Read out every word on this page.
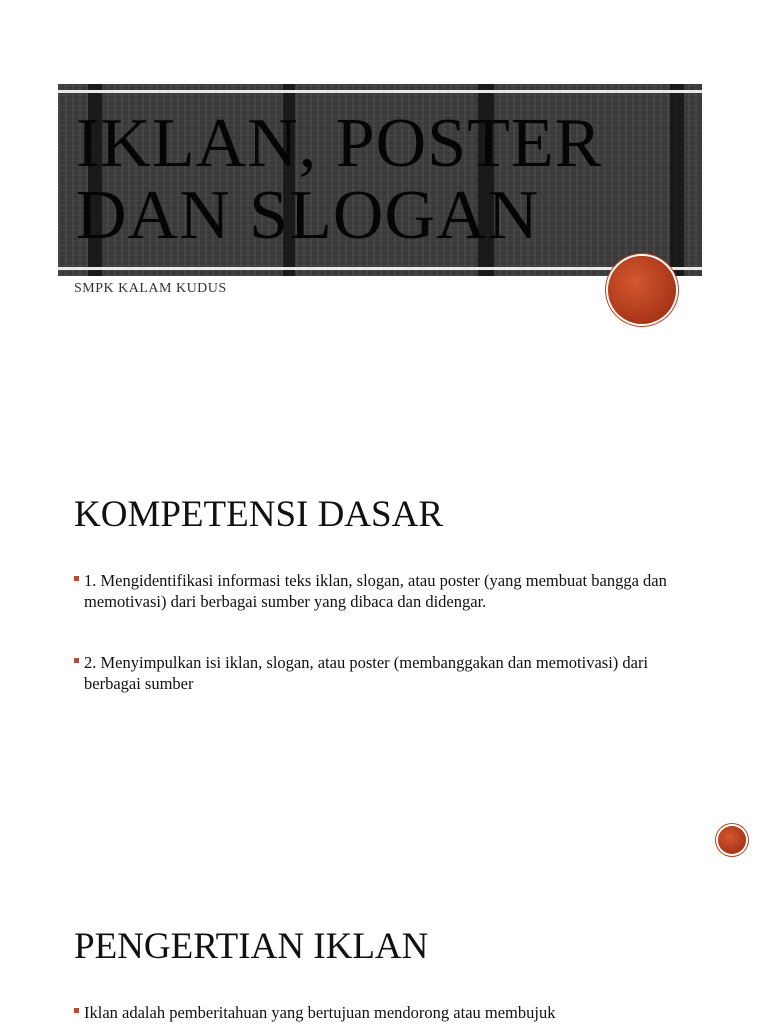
IKLAN, POSTER
DAN SLOGAN
SMPK KALAM KUDUS
KOMPETENSI DASAR
1. Mengidentifikasi informasi teks iklan, slogan, atau poster (yang membuat bangga dan memotivasi) dari berbagai sumber yang dibaca dan didengar.
2. Menyimpulkan isi iklan, slogan, atau poster (membanggakan dan memotivasi) dari berbagai sumber
PENGERTIAN IKLAN
Iklan adalah pemberitahuan yang bertujuan mendorong atau membujuk
